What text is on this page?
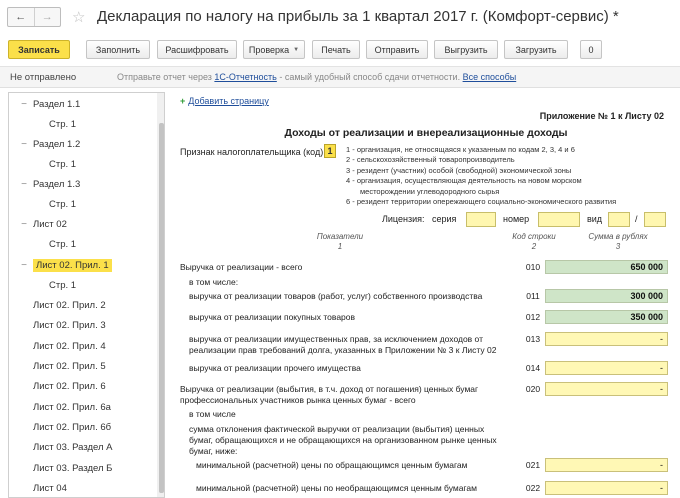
←	→	☆ Декларация по налогу на прибыль за 1 квартал 2017 г. (Комфорт-сервис) *
Записать	Заполнить	Расшифровать	Проверка ▼	Печать	Отправить	Выгрузить	Загрузить	0
Не отправлено	Отправьте отчет через 1С-Отчетность - самый удобный способ сдачи отчетности. Все способы
− Раздел 1.1
Стр. 1
− Раздел 1.2
Стр. 1
− Раздел 1.3
Стр. 1
− Лист 02
Стр. 1
− Лист 02. Прил. 1
Стр. 1
Лист 02. Прил. 2
Лист 02. Прил. 3
Лист 02. Прил. 4
Лист 02. Прил. 5
Лист 02. Прил. 6
Лист 02. Прил. 6а
Лист 02. Прил. 6б
Лист 03. Раздел А
Лист 03. Раздел Б
Лист 04
+ Добавить страницу
Приложение № 1 к Листу 02
Доходы от реализации и внереализационные доходы
Признак налогоплательщика (код) 1	1 - организация, не относящаяся к указанным по кодам 2, 3, 4 и 6
2 - сельскохозяйственный товаропроизводитель
3 - резидент (участник) особой (свободной) экономической зоны
4 - организация, осуществляющая деятельность на новом морском
месторождении углеводородного сырья
6 - резидент территории опережающего социально-экономического развития
Лицензия: серия	номер	вид	/
Показатели
1
Код строки
2
Сумма в рублях
3
Выручка от реализации - всего	010	650 000
в том числе:
выручка от реализации товаров (работ, услуг) собственного производства	011	300 000
выручка от реализации покупных товаров	012	350 000
выручка от реализации имущественных прав, за исключением доходов от реализации прав требований долга, указанных в Приложении № 3 к Листу 02
013	-
выручка от реализации прочего имущества	014	-
Выручка от реализации (выбытия, в т.ч. доход от погашения) ценных бумаг профессиональных участников рынка ценных бумаг - всего
020	-
в том числе
сумма отклонения фактической выручки от реализации (выбытия) ценных бумаг, обращающихся и не обращающихся на организованном рынке ценных бумаг, ниже:
минимальной (расчетной) цены по обращающимся ценным бумагам	021	-
минимальной (расчетной) цены по необращающимся ценным бумагам	022	-
